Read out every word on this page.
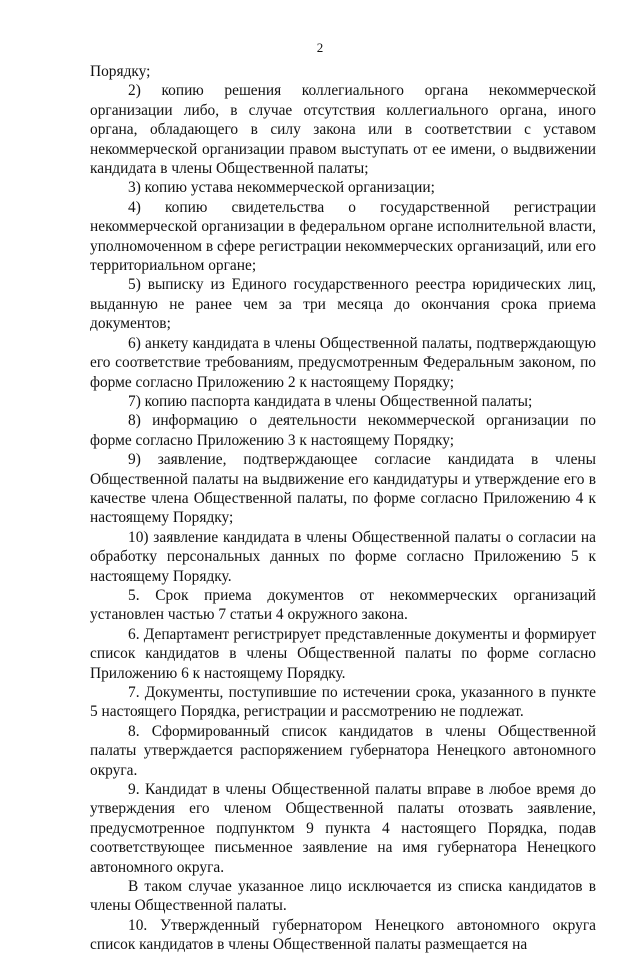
2

Порядку;

2) копию решения коллегиального органа некоммерческой организации либо, в случае отсутствия коллегиального органа, иного органа, обладающего в силу закона или в соответствии с уставом некоммерческой организации правом выступать от ее имени, о выдвижении кандидата в члены Общественной палаты;

3) копию устава некоммерческой организации;

4) копию свидетельства о государственной регистрации некоммерческой организации в федеральном органе исполнительной власти, уполномоченном в сфере регистрации некоммерческих организаций, или его территориальном органе;

5) выписку из Единого государственного реестра юридических лиц, выданную не ранее чем за три месяца до окончания срока приема документов;

6) анкету кандидата в члены Общественной палаты, подтверждающую его соответствие требованиям, предусмотренным Федеральным законом, по форме согласно Приложению 2 к настоящему Порядку;

7) копию паспорта кандидата в члены Общественной палаты;

8) информацию о деятельности некоммерческой организации по форме согласно Приложению 3 к настоящему Порядку;

9) заявление, подтверждающее согласие кандидата в члены Общественной палаты на выдвижение его кандидатуры и утверждение его в качестве члена Общественной палаты, по форме согласно Приложению 4 к настоящему Порядку;

10) заявление кандидата в члены Общественной палаты о согласии на обработку персональных данных по форме согласно Приложению 5 к настоящему Порядку.

5. Срок приема документов от некоммерческих организаций установлен частью 7 статьи 4 окружного закона.

6. Департамент регистрирует представленные документы и формирует список кандидатов в члены Общественной палаты по форме согласно Приложению 6 к настоящему Порядку.

7. Документы, поступившие по истечении срока, указанного в пункте 5 настоящего Порядка, регистрации и рассмотрению не подлежат.

8. Сформированный список кандидатов в члены Общественной палаты утверждается распоряжением губернатора Ненецкого автономного округа.

9. Кандидат в члены Общественной палаты вправе в любое время до утверждения его членом Общественной палаты отозвать заявление, предусмотренное подпунктом 9 пункта 4 настоящего Порядка, подав соответствующее письменное заявление на имя губернатора Ненецкого автономного округа.

В таком случае указанное лицо исключается из списка кандидатов в члены Общественной палаты.

10. Утвержденный губернатором Ненецкого автономного округа список кандидатов в члены Общественной палаты размещается на
